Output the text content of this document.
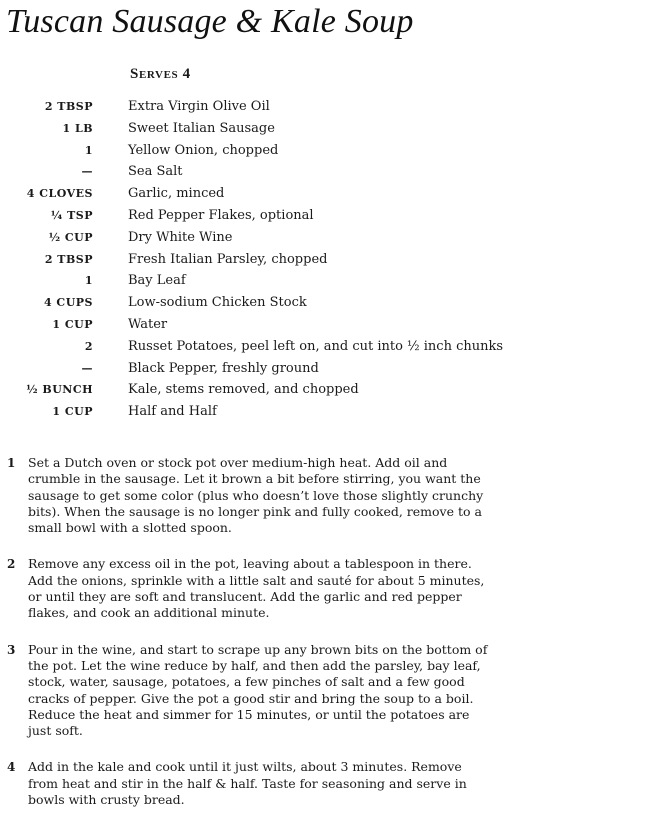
Tuscan Sausage & Kale Soup
Serves 4
2 TBSP	Extra Virgin Olive Oil
1 LB	Sweet Italian Sausage
1	Yellow Onion, chopped
—	Sea Salt
4 CLOVES	Garlic, minced
¼ TSP	Red Pepper Flakes, optional
½ CUP	Dry White Wine
2 TBSP	Fresh Italian Parsley, chopped
1	Bay Leaf
4 CUPS	Low-sodium Chicken Stock
1 CUP	Water
2	Russet Potatoes, peel left on, and cut into ½ inch chunks
—	Black Pepper, freshly ground
½ BUNCH	Kale, stems removed, and chopped
1 CUP	Half and Half
1 Set a Dutch oven or stock pot over medium-high heat. Add oil and crumble in the sausage. Let it brown a bit before stirring, you want the sausage to get some color (plus who doesn’t love those slightly crunchy bits). When the sausage is no longer pink and fully cooked, remove to a small bowl with a slotted spoon.
2 Remove any excess oil in the pot, leaving about a tablespoon in there. Add the onions, sprinkle with a little salt and sauté for about 5 minutes, or until they are soft and translucent. Add the garlic and red pepper flakes, and cook an additional minute.
3 Pour in the wine, and start to scrape up any brown bits on the bottom of the pot. Let the wine reduce by half, and then add the parsley, bay leaf, stock, water, sausage, potatoes, a few pinches of salt and a few good cracks of pepper. Give the pot a good stir and bring the soup to a boil. Reduce the heat and simmer for 15 minutes, or until the potatoes are just soft.
4 Add in the kale and cook until it just wilts, about 3 minutes. Remove from heat and stir in the half & half. Taste for seasoning and serve in bowls with crusty bread.
